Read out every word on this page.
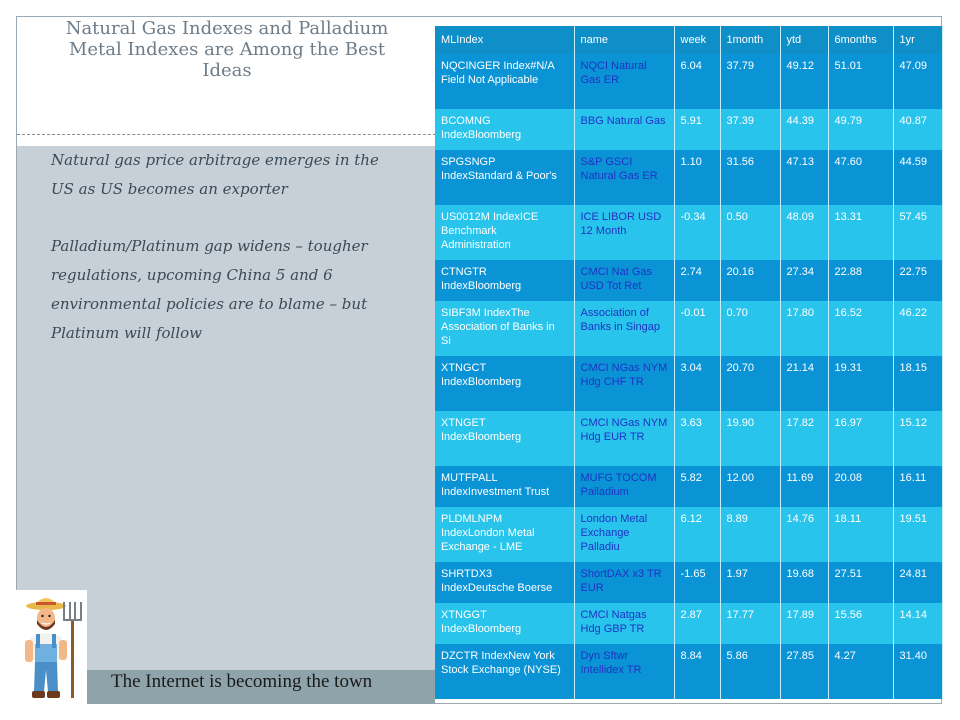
Natural Gas Indexes and Palladium Metal Indexes are Among the Best Ideas

Natural gas price arbitrage emerges in the US as US becomes an exporter

Palladium/Platinum gap widens – tougher regulations, upcoming China 5 and 6 environmental policies are to blame – but Platinum will follow

The Internet is becoming the town

MLIndex	name	week	1month	ytd	6months	1yr
NQCINGER Index#N/A Field Not Applicable	NQCI Natural Gas ER	6.04	37.79	49.12	51.01	47.09
BCOMNG IndexBloomberg	BBG Natural Gas	5.91	37.39	44.39	49.79	40.87
SPGSNGP IndexStandard & Poor's	S&P GSCI Natural Gas ER	1.10	31.56	47.13	47.60	44.59
US0012M IndexICE Benchmark Administration	ICE LIBOR USD 12 Month	-0.34	0.50	48.09	13.31	57.45
CTNGTR IndexBloomberg	CMCI Nat Gas USD Tot Ret	2.74	20.16	27.34	22.88	22.75
SIBF3M IndexThe Association of Banks in Si	Association of Banks in Singap	-0.01	0.70	17.80	16.52	46.22
XTNGCT IndexBloomberg	CMCI NGas NYM Hdg CHF TR	3.04	20.70	21.14	19.31	18.15
XTNGET IndexBloomberg	CMCI NGas NYM Hdg EUR TR	3.63	19.90	17.82	16.97	15.12
MUTFPALL IndexInvestment Trust	MUFG TOCOM Palladium	5.82	12.00	11.69	20.08	16.11
PLDMLNPM IndexLondon Metal Exchange - LME	London Metal Exchange Palladiu	6.12	8.89	14.76	18.11	19.51
SHRTDX3 IndexDeutsche Boerse	ShortDAX x3 TR EUR	-1.65	1.97	19.68	27.51	24.81
XTNGGT IndexBloomberg	CMCI Natgas Hdg GBP TR	2.87	17.77	17.89	15.56	14.14
DZCTR IndexNew York Stock Exchange (NYSE)	Dyn Sftwr Intellidex TR	8.84	5.86	27.85	4.27	31.40
